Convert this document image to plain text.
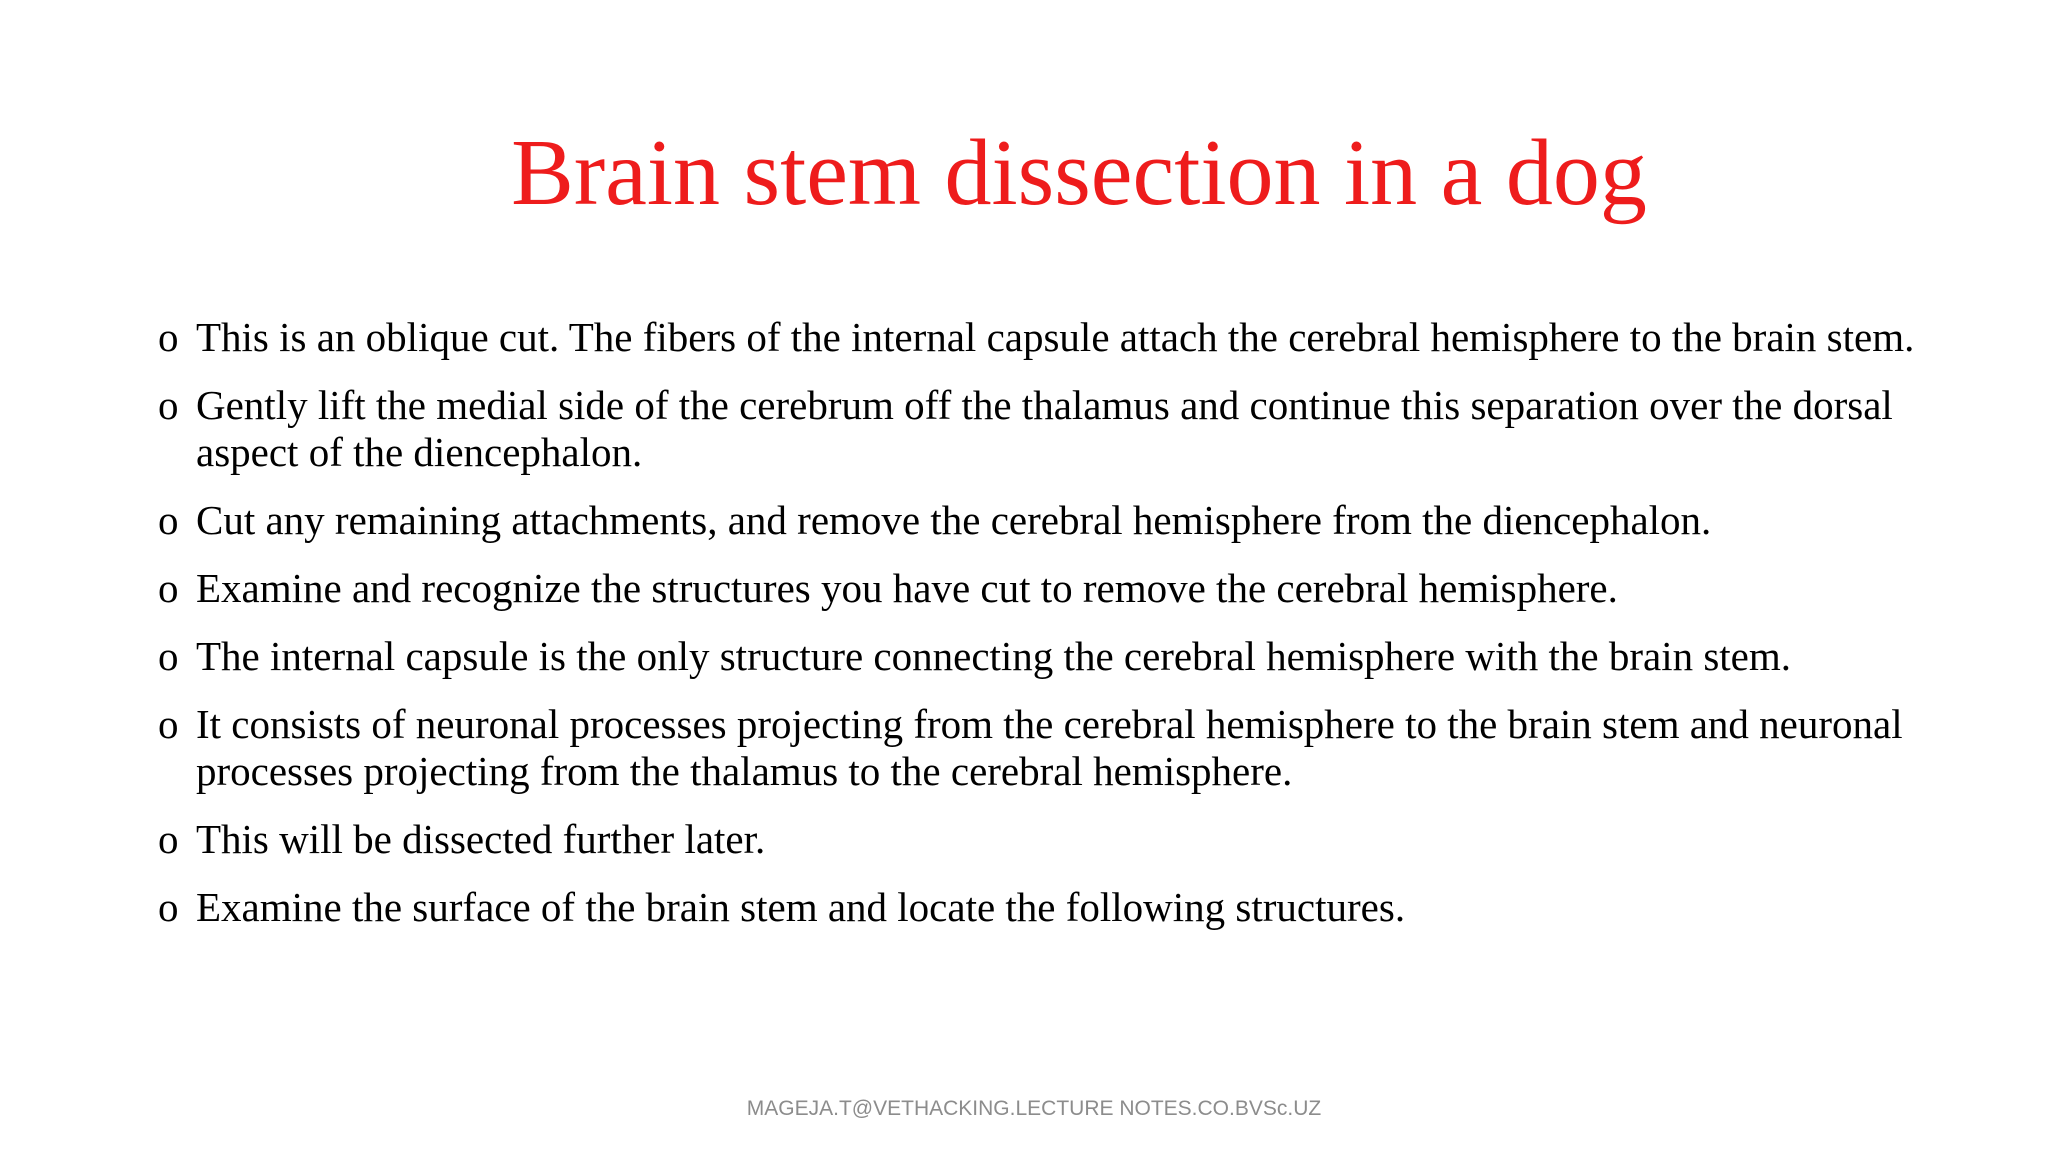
Brain stem dissection in a dog
o This is an oblique cut. The fibers of the internal capsule attach the cerebral hemisphere to the brain stem.
o Gently lift the medial side of the cerebrum off the thalamus and continue this separation over the dorsal aspect of the diencephalon.
o Cut any remaining attachments, and remove the cerebral hemisphere from the diencephalon.
o Examine and recognize the structures you have cut to remove the cerebral hemisphere.
o The internal capsule is the only structure connecting the cerebral hemisphere with the brain stem.
o It consists of neuronal processes projecting from the cerebral hemisphere to the brain stem and neuronal processes projecting from the thalamus to the cerebral hemisphere.
o This will be dissected further later.
o Examine the surface of the brain stem and locate the following structures.
MAGEJA.T@VETHACKING.LECTURE NOTES.CO.BVSc.UZ
